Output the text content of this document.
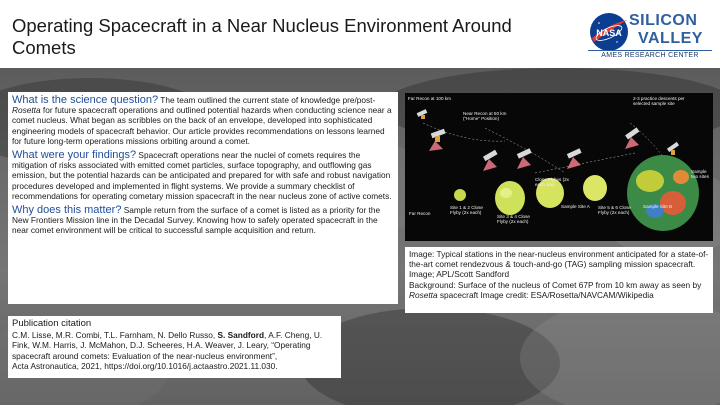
Operating Spacecraft in a Near Nucleus Environment Around Comets
NASA
SILICON
VALLEY
AMES RESEARCH CENTER

What is the science question? The team outlined the current state of knowledge pre/post-Rosetta for future spacecraft operations and outlined potential hazards when conducting science near a comet nucleus. What began as scribbles on the back of an envelope, developed into sophisticated engineering models of spacecraft behavior. Our article provides recommendations on lessons learned for future long-term operations missions orbiting around a comet.

What were your findings? Spacecraft operations near the nuclei of comets requires the mitigation of risks associated with emitted comet particles, surface topography, and outflowing gas emission, but the potential hazards can be anticipated and prepared for with safe and robust navigation procedures developed and implemented in flight systems. We provide a summary checklist of recommendations for operating cometary mission spacecraft in the near nucleus zone of active comets.

Why does this matter? Sample return from the surface of a comet is listed as a priority for the New Frontiers Mission line in the Decadal Survey. Knowing how to safely operated spacecraft in the near comet environment will be critical to successful sample acquisition and return.

Publication citation
C.M. Lisse, M.R. Combi, T.L. Farnham, N. Dello Russo, S. Sandford, A.F. Cheng, U. Fink, W.M. Harris, J. McMahon, D.J. Scheeres, H.A. Weaver, J. Leary, “Operating spacecraft around comets: Evaluation of the near-nucleus environment”,
Acta Astronautica, 2021, https://doi.org/10.1016/j.actaastro.2021.11.030.
Far Recon at 100 km
Near Recon at 50 km (“Home” Position)
2-3 practice descents per selected sample site
Far Recon
Site 1 & 2 Close Flyby (2x each)
Site 3 & 4 Close Flyby (2x each)
Close Flybys (2x each site)
Sample Site A	Site 5 & 6 Close Flyby (2x each)
Sample Site B
Sample two sites
Image: Typical stations in the near-nucleus environment anticipated for a state-of-the-art comet rendezvous & touch-and-go (TAG) sampling mission spacecraft. Image; APL/Scott Sandford
Background: Surface of the nucleus of Comet 67P from 10 km away as seen by Rosetta spacecraft Image credit: ESA/Rosetta/NAVCAM/Wikipedia
